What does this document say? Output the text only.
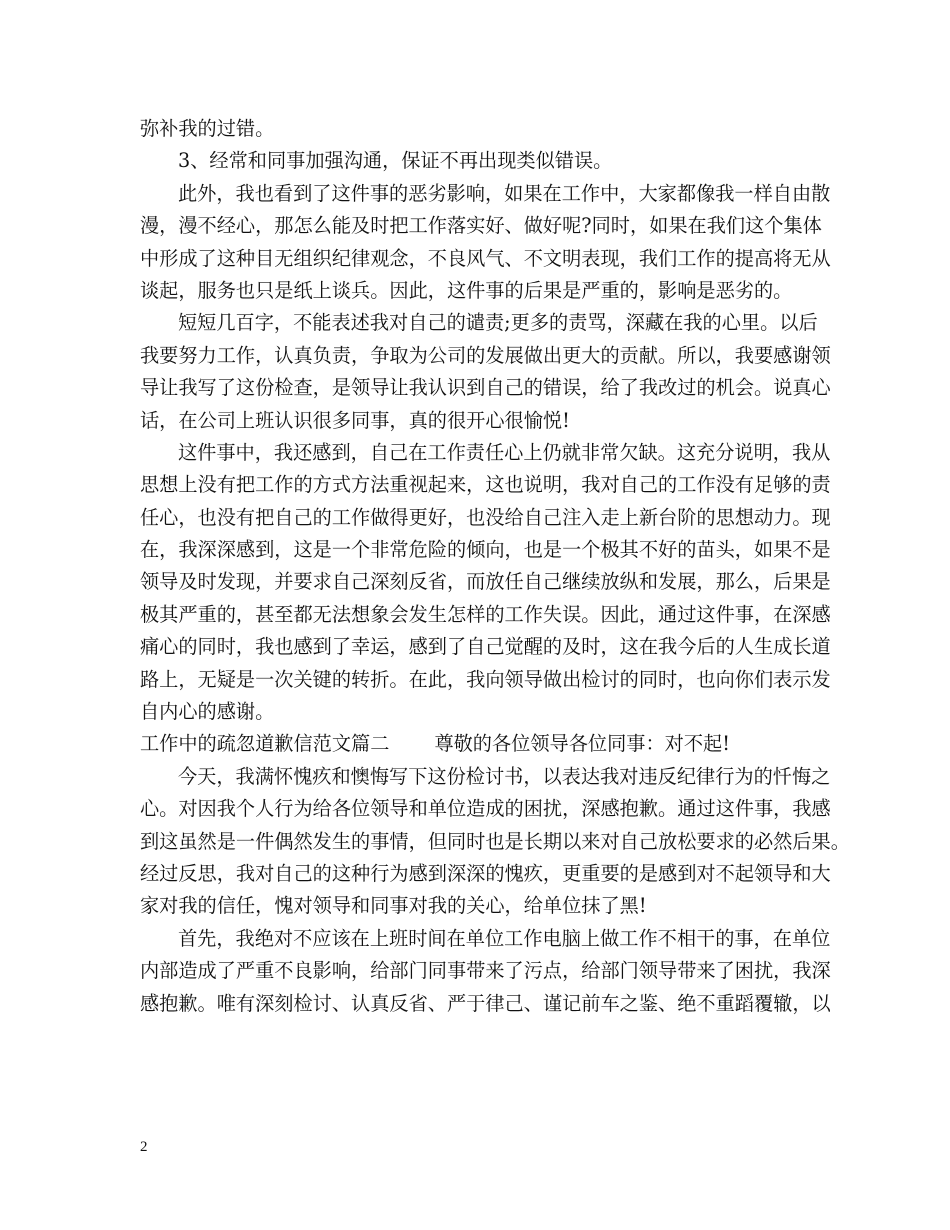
弥补我的过错。
3、经常和同事加强沟通，保证不再出现类似错误。
此外，我也看到了这件事的恶劣影响，如果在工作中，大家都像我一样自由散
漫，漫不经心，那怎么能及时把工作落实好、做好呢?同时，如果在我们这个集体
中形成了这种目无组织纪律观念，不良风气、不文明表现，我们工作的提高将无从
谈起，服务也只是纸上谈兵。因此，这件事的后果是严重的，影响是恶劣的。
短短几百字，不能表述我对自己的谴责;更多的责骂，深藏在我的心里。以后
我要努力工作，认真负责，争取为公司的发展做出更大的贡献。所以，我要感谢领
导让我写了这份检查，是领导让我认识到自己的错误，给了我改过的机会。说真心
话，在公司上班认识很多同事，真的很开心很愉悦!
这件事中，我还感到，自己在工作责任心上仍就非常欠缺。这充分说明，我从
思想上没有把工作的方式方法重视起来，这也说明，我对自己的工作没有足够的责
任心，也没有把自己的工作做得更好，也没给自己注入走上新台阶的思想动力。现
在，我深深感到，这是一个非常危险的倾向，也是一个极其不好的苗头，如果不是
领导及时发现，并要求自己深刻反省，而放任自己继续放纵和发展，那么，后果是
极其严重的，甚至都无法想象会发生怎样的工作失误。因此，通过这件事，在深感
痛心的同时，我也感到了幸运，感到了自己觉醒的及时，这在我今后的人生成长道
路上，无疑是一次关键的转折。在此，我向领导做出检讨的同时，也向你们表示发
自内心的感谢。
工作中的疏忽道歉信范文篇二 尊敬的各位领导各位同事：对不起!
今天，我满怀愧疚和懊悔写下这份检讨书，以表达我对违反纪律行为的忏悔之
心。对因我个人行为给各位领导和单位造成的困扰，深感抱歉。通过这件事，我感
到这虽然是一件偶然发生的事情，但同时也是长期以来对自己放松要求的必然后果。
经过反思，我对自己的这种行为感到深深的愧疚，更重要的是感到对不起领导和大
家对我的信任，愧对领导和同事对我的关心，给单位抹了黑!
首先，我绝对不应该在上班时间在单位工作电脑上做工作不相干的事，在单位
内部造成了严重不良影响，给部门同事带来了污点，给部门领导带来了困扰，我深
感抱歉。唯有深刻检讨、认真反省、严于律己、谨记前车之鉴、绝不重蹈覆辙，以
2
